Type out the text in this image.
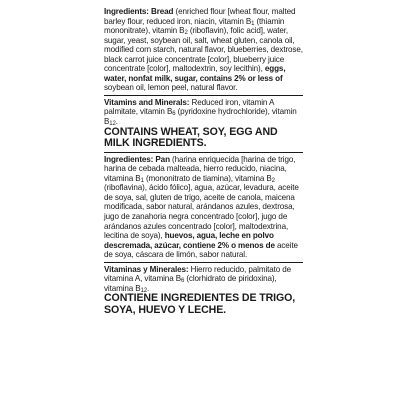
Ingredients: Bread (enriched flour [wheat flour, malted barley flour, reduced iron, niacin, vitamin $B_1$ (thiamin mononitrate), vitamin $B_2$ (riboflavin), folic acid], water, sugar, yeast, soybean oil, salt, wheat gluten, canola oil, modified corn starch, natural flavor, blueberries, dextrose, black carrot juice concentrate [color], blueberry juice concentrate [color], maltodextrin, soy lecithin), eggs, water, nonfat milk, sugar, contains 2% or less of soybean oil, lemon peel, natural flavor.

Vitamins and Minerals: Reduced iron, vitamin A palmitate, vitamin $B_6$ (pyridoxine hydrochloride), vitamin $B_{12}$.

CONTAINS WHEAT, SOY, EGG AND MILK INGREDIENTS.

Ingredientes: Pan (harina enriquecida [harina de trigo, harina de cebada malteada, hierro reducido, niacina, vitamina $B_1$ (mononitrato de tiamina), vitamina $B_2$ (riboflavina), ácido fólico], agua, azúcar, levadura, aceite de soya, sal, gluten de trigo, aceite de canola, maicena modificada, sabor natural, arándanos azules, dextrosa, jugo de zanahoria negra concentrado [color], jugo de arándanos azules concentrado [color], maltodextrina, lecitina de soya), huevos, agua, leche en polvo descremada, azúcar, contiene 2% o menos de aceite de soya, cáscara de limón, sabor natural.

Vitaminas y Minerales: Hierro reducido, palmitato de vitamina A, vitamina $B_6$ (clorhidrato de piridoxina), vitamina $B_{12}$.

CONTIENE INGREDIENTES DE TRIGO, SOYA, HUEVO Y LECHE.
